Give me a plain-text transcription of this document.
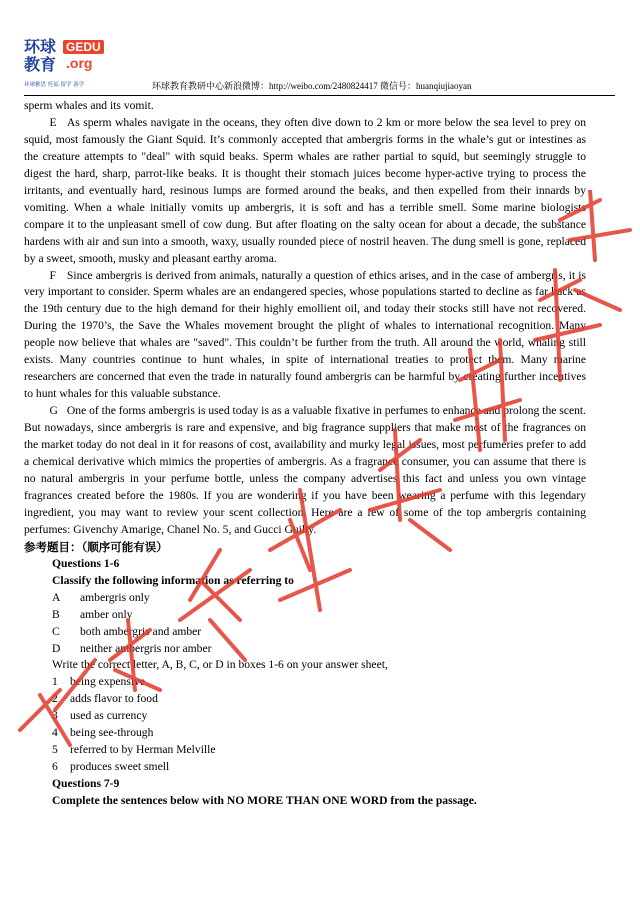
环球
教育
GEDU
.org
环球雅思 托福 留学 游学	环球教育教研中心新浪微博：http://weibo.com/2480824417 微信号：huanqiujiaoyan

sperm whales and its vomit.

E As sperm whales navigate in the oceans, they often dive down to 2 km or more below the sea level to prey on squid, most famously the Giant Squid. It’s commonly accepted that ambergris forms in the whale’s gut or intestines as the creature attempts to "deal" with squid beaks. Sperm whales are rather partial to squid, but seemingly struggle to digest the hard, sharp, parrot-like beaks. It is thought their stomach juices become hyper-active trying to process the irritants, and eventually hard, resinous lumps are formed around the beaks, and then expelled from their innards by vomiting. When a whale initially vomits up ambergris, it is soft and has a terrible smell. Some marine biologists compare it to the unpleasant smell of cow dung. But after floating on the salty ocean for about a decade, the substance hardens with air and sun into a smooth, waxy, usually rounded piece of nostril heaven. The dung smell is gone, replaced by a sweet, smooth, musky and pleasant earthy aroma.

F Since ambergris is derived from animals, naturally a question of ethics arises, and in the case of ambergris, it is very important to consider. Sperm whales are an endangered species, whose populations started to decline as far back as the 19th century due to the high demand for their highly emollient oil, and today their stocks still have not recovered. During the 1970’s, the Save the Whales movement brought the plight of whales to international recognition. Many people now believe that whales are "saved". This couldn’t be further from the truth. All around the world, whaling still exists. Many countries continue to hunt whales, in spite of international treaties to protect them. Many marine researchers are concerned that even the trade in naturally found ambergris can be harmful by creating further incentives to hunt whales for this valuable substance.

G One of the forms ambergris is used today is as a valuable fixative in perfumes to enhance and prolong the scent. But nowadays, since ambergris is rare and expensive, and big fragrance suppliers that make most of the fragrances on the market today do not deal in it for reasons of cost, availability and murky legal issues, most perfumeries prefer to add a chemical derivative which mimics the properties of ambergris. As a fragrance consumer, you can assume that there is no natural ambergris in your perfume bottle, unless the company advertises this fact and unless you own vintage fragrances created before the 1980s. If you are wondering if you have been wearing a perfume with this legendary ingredient, you may want to review your scent collection. Here are a few of some of the top ambergris containing perfumes: Givenchy Amarige, Chanel No. 5, and Gucci Guilty.

参考题目：（顺序可能有误）

Questions 1-6

Classify the following information as referring to

A ambergris only

B amber only

C both ambergris and amber

D neither ambergris nor amber

Write the correct letter, A, B, C, or D in boxes 1-6 on your answer sheet,

1 being expensive

2 adds flavor to food

3 used as currency

4 being see-through

5 referred to by Herman Melville

6 produces sweet smell

Questions 7-9

Complete the sentences below with NO MORE THAN ONE WORD from the passage.
